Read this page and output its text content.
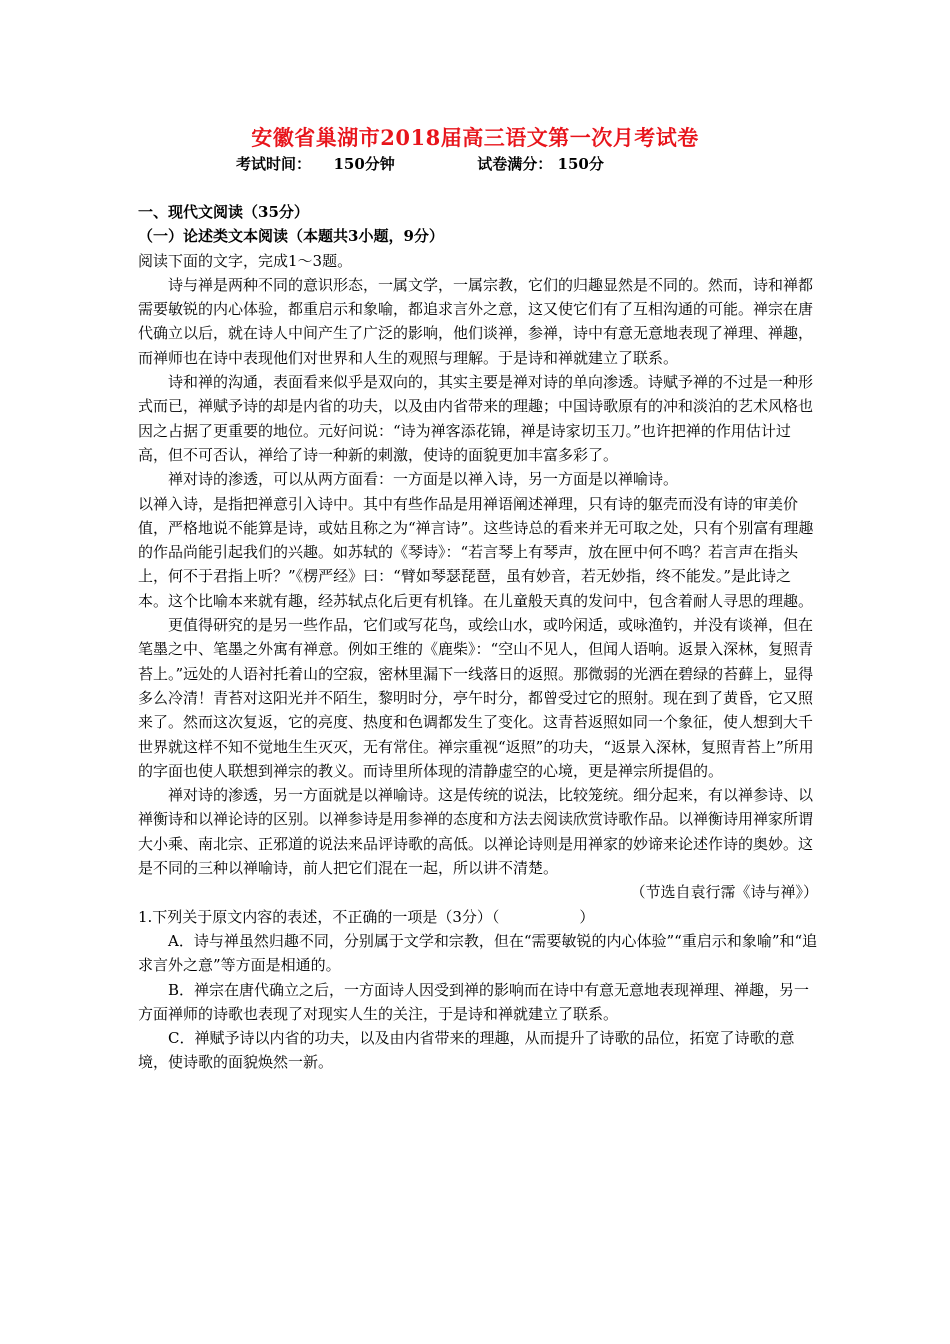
安徽省巢湖市2018届高三语文第一次月考试卷
考试时间： 150分钟	试卷满分： 150分

一、现代文阅读（35分）

（一）论述类文本阅读（本题共3小题，9分）

阅读下面的文字，完成1～3题。

诗与禅是两种不同的意识形态，一属文学，一属宗教，它们的归趣显然是不同的。然而，诗和禅都需要敏锐的内心体验，都重启示和象喻，都追求言外之意，这又使它们有了互相沟通的可能。禅宗在唐代确立以后，就在诗人中间产生了广泛的影响，他们谈禅，参禅，诗中有意无意地表现了禅理、禅趣，而禅师也在诗中表现他们对世界和人生的观照与理解。于是诗和禅就建立了联系。

诗和禅的沟通，表面看来似乎是双向的，其实主要是禅对诗的单向渗透。诗赋予禅的不过是一种形式而已，禅赋予诗的却是内省的功夫，以及由内省带来的理趣；中国诗歌原有的冲和淡泊的艺术风格也因之占据了更重要的地位。元好问说：“诗为禅客添花锦，禅是诗家切玉刀。”也许把禅的作用估计过高，但不可否认，禅给了诗一种新的刺激，使诗的面貌更加丰富多彩了。

禅对诗的渗透，可以从两方面看：一方面是以禅入诗，另一方面是以禅喻诗。

以禅入诗，是指把禅意引入诗中。其中有些作品是用禅语阐述禅理，只有诗的躯壳而没有诗的审美价值，严格地说不能算是诗，或姑且称之为“禅言诗”。这些诗总的看来并无可取之处，只有个别富有理趣的作品尚能引起我们的兴趣。如苏轼的《琴诗》：“若言琴上有琴声，放在匣中何不鸣？若言声在指头上，何不于君指上听？”《楞严经》曰：“臂如琴瑟琵琶，虽有妙音，若无妙指，终不能发。”是此诗之本。这个比喻本来就有趣，经苏轼点化后更有机锋。在儿童般天真的发问中，包含着耐人寻思的理趣。

更值得研究的是另一些作品，它们或写花鸟，或绘山水，或吟闲适，或咏渔钓，并没有谈禅，但在笔墨之中、笔墨之外寓有禅意。例如王维的《鹿柴》：“空山不见人，但闻人语响。返景入深林，复照青苔上。”远处的人语衬托着山的空寂，密林里漏下一线落日的返照。那微弱的光洒在碧绿的苔藓上，显得多么冷清！青苔对这阳光并不陌生，黎明时分，亭午时分，都曾受过它的照射。现在到了黄昏，它又照来了。然而这次复返，它的亮度、热度和色调都发生了变化。这青苔返照如同一个象征，使人想到大千世界就这样不知不觉地生生灭灭，无有常住。禅宗重视“返照”的功夫，“返景入深林，复照青苔上”所用的字面也使人联想到禅宗的教义。而诗里所体现的清静虚空的心境，更是禅宗所提倡的。

禅对诗的渗透，另一方面就是以禅喻诗。这是传统的说法，比较笼统。细分起来，有以禅参诗、以禅衡诗和以禅论诗的区别。以禅参诗是用参禅的态度和方法去阅读欣赏诗歌作品。以禅衡诗用禅家所谓大小乘、南北宗、正邪道的说法来品评诗歌的高低。以禅论诗则是用禅家的妙谛来论述作诗的奥妙。这是不同的三种以禅喻诗，前人把它们混在一起，所以讲不清楚。

（节选自袁行霈《诗与禅》）

1.下列关于原文内容的表述，不正确的一项是（3分）（	）

A．诗与禅虽然归趣不同，分别属于文学和宗教，但在“需要敏锐的内心体验”“重启示和象喻”和“追求言外之意”等方面是相通的。

B．禅宗在唐代确立之后，一方面诗人因受到禅的影响而在诗中有意无意地表现禅理、禅趣，另一方面禅师的诗歌也表现了对现实人生的关注，于是诗和禅就建立了联系。

C．禅赋予诗以内省的功夫，以及由内省带来的理趣，从而提升了诗歌的品位，拓宽了诗歌的意境，使诗歌的面貌焕然一新。
